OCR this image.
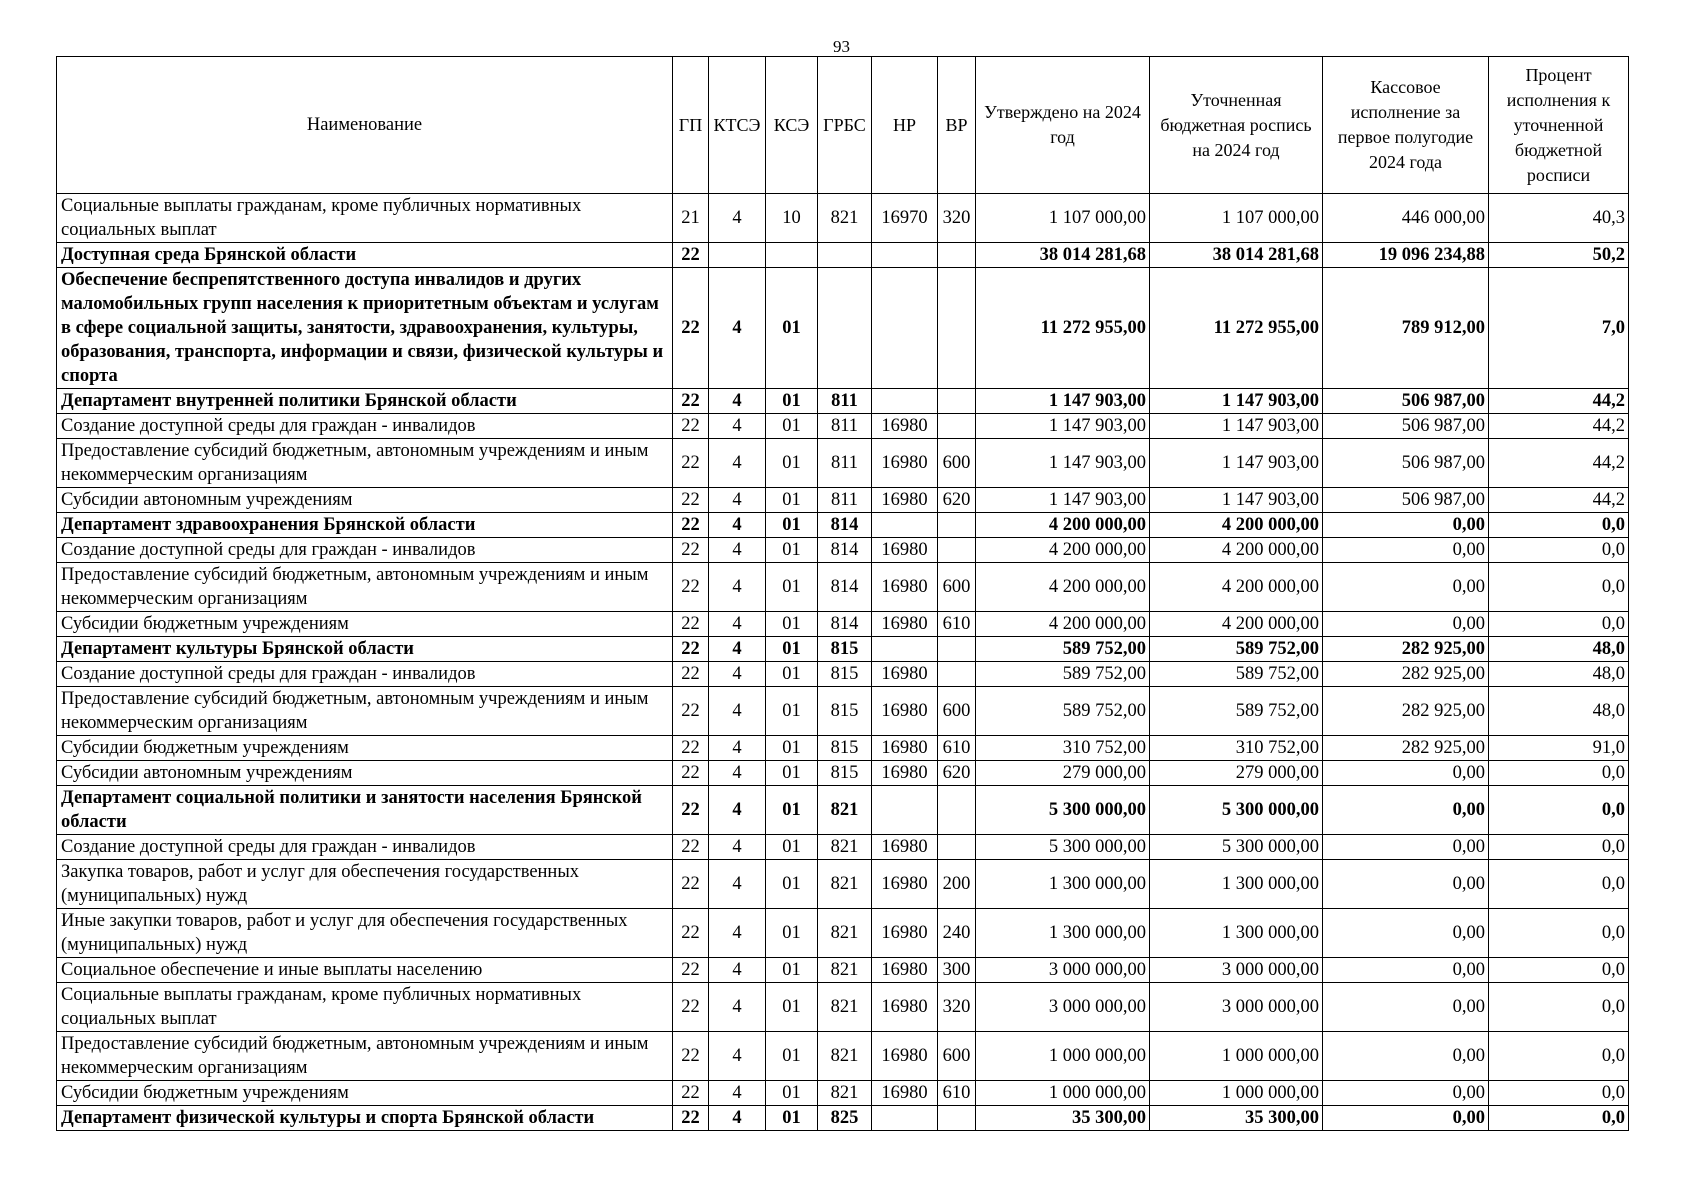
93
Наименование	ГП	КТСЭ	КСЭ	ГРБС	НР	ВР	Утверждено на 2024 год	Уточненная бюджетная роспись на 2024 год	Кассовое исполнение за первое полугодие 2024 года	Процент исполнения к уточненной бюджетной росписи
Социальные выплаты гражданам, кроме публичных нормативных социальных выплат	21	4	10	821	16970	320	1 107 000,00	1 107 000,00	446 000,00	40,3
Доступная среда Брянской области	22						38 014 281,68	38 014 281,68	19 096 234,88	50,2
Обеспечение беспрепятственного доступа инвалидов и других маломобильных групп населения к приоритетным объектам и услугам в сфере социальной защиты, занятости, здравоохранения, культуры, образования, транспорта, информации и связи, физической культуры и спорта	22	4	01				11 272 955,00	11 272 955,00	789 912,00	7,0
Департамент внутренней политики Брянской области	22	4	01	811			1 147 903,00	1 147 903,00	506 987,00	44,2
Создание доступной среды для граждан - инвалидов	22	4	01	811	16980		1 147 903,00	1 147 903,00	506 987,00	44,2
Предоставление субсидий бюджетным, автономным учреждениям и иным некоммерческим организациям	22	4	01	811	16980	600	1 147 903,00	1 147 903,00	506 987,00	44,2
Субсидии автономным учреждениям	22	4	01	811	16980	620	1 147 903,00	1 147 903,00	506 987,00	44,2
Департамент здравоохранения Брянской области	22	4	01	814			4 200 000,00	4 200 000,00	0,00	0,0
Создание доступной среды для граждан - инвалидов	22	4	01	814	16980		4 200 000,00	4 200 000,00	0,00	0,0
Предоставление субсидий бюджетным, автономным учреждениям и иным некоммерческим организациям	22	4	01	814	16980	600	4 200 000,00	4 200 000,00	0,00	0,0
Субсидии бюджетным учреждениям	22	4	01	814	16980	610	4 200 000,00	4 200 000,00	0,00	0,0
Департамент культуры Брянской области	22	4	01	815			589 752,00	589 752,00	282 925,00	48,0
Создание доступной среды для граждан - инвалидов	22	4	01	815	16980		589 752,00	589 752,00	282 925,00	48,0
Предоставление субсидий бюджетным, автономным учреждениям и иным некоммерческим организациям	22	4	01	815	16980	600	589 752,00	589 752,00	282 925,00	48,0
Субсидии бюджетным учреждениям	22	4	01	815	16980	610	310 752,00	310 752,00	282 925,00	91,0
Субсидии автономным учреждениям	22	4	01	815	16980	620	279 000,00	279 000,00	0,00	0,0
Департамент социальной политики и занятости населения Брянской области	22	4	01	821			5 300 000,00	5 300 000,00	0,00	0,0
Создание доступной среды для граждан - инвалидов	22	4	01	821	16980		5 300 000,00	5 300 000,00	0,00	0,0
Закупка товаров, работ и услуг для обеспечения государственных (муниципальных) нужд	22	4	01	821	16980	200	1 300 000,00	1 300 000,00	0,00	0,0
Иные закупки товаров, работ и услуг для обеспечения государственных (муниципальных) нужд	22	4	01	821	16980	240	1 300 000,00	1 300 000,00	0,00	0,0
Социальное обеспечение и иные выплаты населению	22	4	01	821	16980	300	3 000 000,00	3 000 000,00	0,00	0,0
Социальные выплаты гражданам, кроме публичных нормативных социальных выплат	22	4	01	821	16980	320	3 000 000,00	3 000 000,00	0,00	0,0
Предоставление субсидий бюджетным, автономным учреждениям и иным некоммерческим организациям	22	4	01	821	16980	600	1 000 000,00	1 000 000,00	0,00	0,0
Субсидии бюджетным учреждениям	22	4	01	821	16980	610	1 000 000,00	1 000 000,00	0,00	0,0
Департамент физической культуры и спорта Брянской области	22	4	01	825			35 300,00	35 300,00	0,00	0,0
